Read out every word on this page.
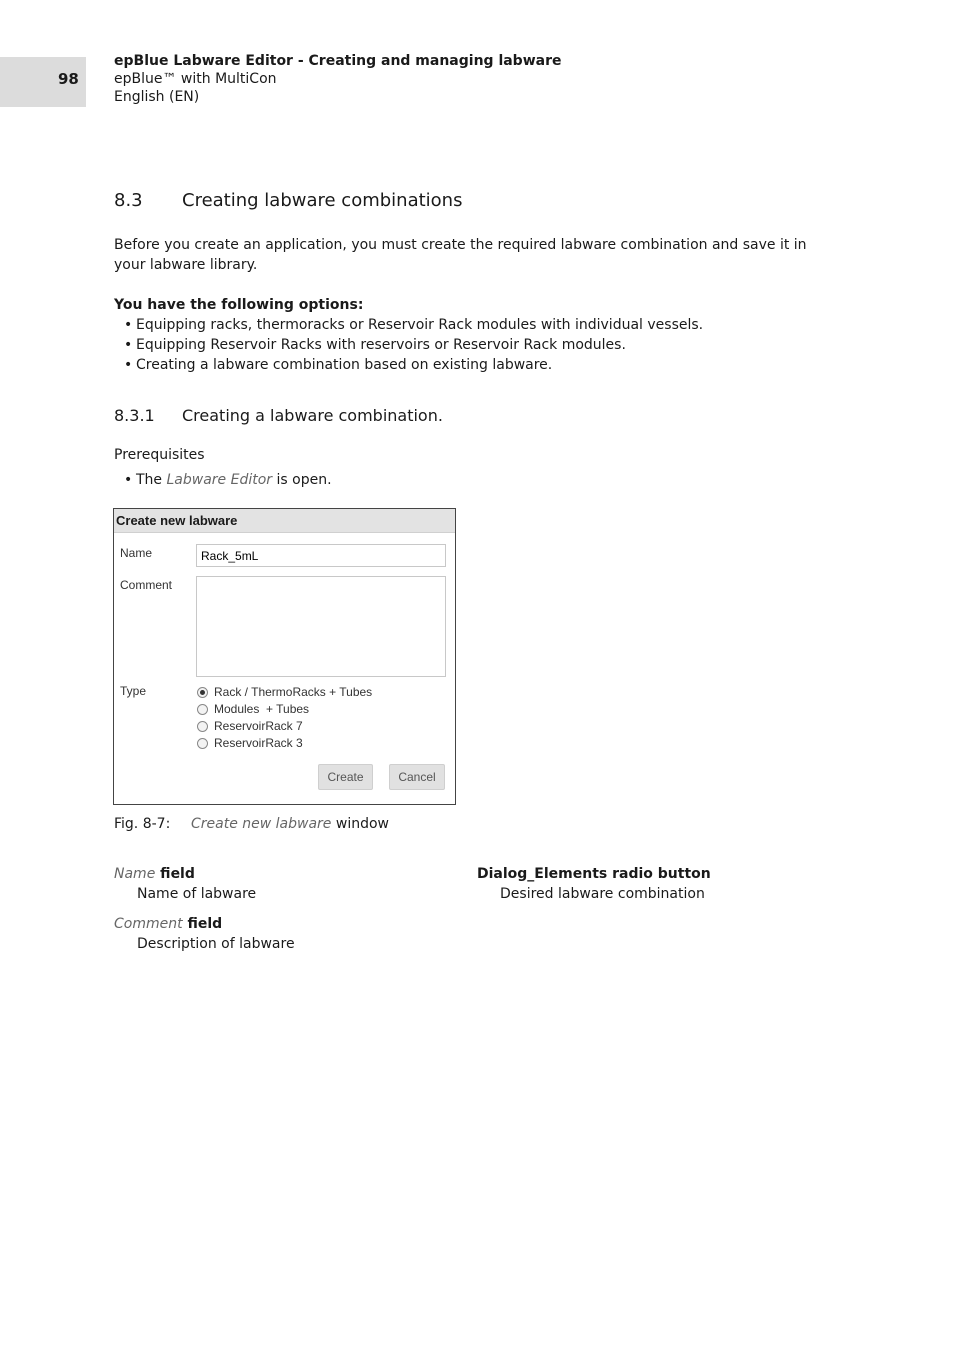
98
epBlue Labware Editor - Creating and managing labware
epBlue™ with MultiCon
English (EN)
8.3 Creating labware combinations
Before you create an application, you must create the required labware combination and save it in your labware library.
You have the following options:
• Equipping racks, thermoracks or Reservoir Rack modules with individual vessels.
• Equipping Reservoir Racks with reservoirs or Reservoir Rack modules.
• Creating a labware combination based on existing labware.
8.3.1 Creating a labware combination.
Prerequisites
• The Labware Editor is open.
Create new labware
Name
Rack_5mL
Comment
Type	Rack / ThermoRacks + Tubes
Modules  + Tubes
ReservoirRack 7
ReservoirRack 3
Create	Cancel
Fig. 8-7: Create new labware window
Name field
Name of labware
Comment field
Description of labware
Dialog_Elements radio button
Desired labware combination
